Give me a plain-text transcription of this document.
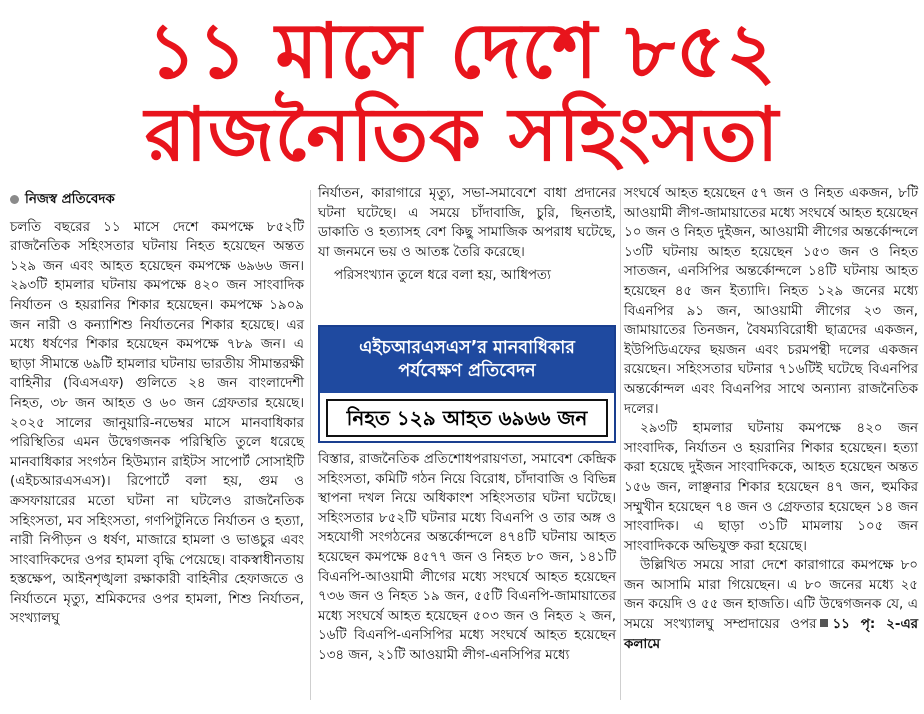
১১ মাসে দেশে ৮৫২
রাজনৈতিক সহিংসতা
নিজস্ব প্রতিবেদক

চলতি বছরের ১১ মাসে দেশে কমপক্ষে ৮৫২টি রাজনৈতিক সহিংসতার ঘটনায় নিহত হয়েছেন অন্তত ১২৯ জন এবং আহত হয়েছেন কমপক্ষে ৬৯৬৬ জন। ২৯৩টি হামলার ঘটনায় কমপক্ষে ৪২০ জন সাংবাদিক নির্যাতন ও হয়রানির শিকার হয়েছেন। কমপক্ষে ১৯০৯ জন নারী ও কন্যাশিশু নির্যাতনের শিকার হয়েছে। এর মধ্যে ধর্ষণের শিকার হয়েছেন কমপক্ষে ৭৮৯ জন। এ ছাড়া সীমান্তে ৬৯টি হামলার ঘটনায় ভারতীয় সীমান্তরক্ষী বাহিনীর (বিএসএফ) গুলিতে ২৪ জন বাংলাদেশী নিহত, ৩৮ জন আহত ও ৬০ জন গ্রেফতার হয়েছে। ২০২৫ সালের জানুয়ারি-নভেম্বর মাসে মানবাধিকার পরিস্থিতির এমন উদ্বেগজনক পরিস্থিতি তুলে ধরেছে মানবাধিকার সংগঠন হিউম্যান রাইটস সাপোর্ট সোসাইটি (এইচআরএসএস)। রিপোর্টে বলা হয়, গুম ও ক্রসফায়ারের মতো ঘটনা না ঘটলেও রাজনৈতিক সহিংসতা, মব সহিংসতা, গণপিটুনিতে নির্যাতন ও হত্যা, নারী নিপীড়ন ও ধর্ষণ, মাজারে হামলা ও ভাঙচুর এবং সাংবাদিকদের ওপর হামলা বৃদ্ধি পেয়েছে। বাকস্বাধীনতায় হস্তক্ষেপ, আইনশৃঙ্খলা রক্ষাকারী বাহিনীর হেফাজতে ও নির্যাতনে মৃত্যু, শ্রমিকদের ওপর হামলা, শিশু নির্যাতন, সংখ্যালঘু

নির্যাতন, কারাগারে মৃত্যু, সভা-সমাবেশে বাধা প্রদানের ঘটনা ঘটেছে। এ সময়ে চাঁদাবাজি, চুরি, ছিনতাই, ডাকাতি ও হত্যাসহ বেশ কিছু সামাজিক অপরাধ ঘটেছে, যা জনমনে ভয় ও আতঙ্ক তৈরি করেছে।

পরিসংখ্যান তুলে ধরে বলা হয়, আধিপত্য

এইচআরএসএস’র মানবাধিকার
পর্যবেক্ষণ প্রতিবেদন
নিহত ১২৯ আহত ৬৯৬৬ জন

বিস্তার, রাজনৈতিক প্রতিশোধপরায়ণতা, সমাবেশ কেন্দ্রিক সহিংসতা, কমিটি গঠন নিয়ে বিরোধ, চাঁদাবাজি ও বিভিন্ন স্থাপনা দখল নিয়ে অধিকাংশ সহিংসতার ঘটনা ঘটেছে। সহিংসতার ৮৫২টি ঘটনার মধ্যে বিএনপি ও তার অঙ্গ ও সহযোগী সংগঠনের অন্তর্কোন্দলে ৪৭৪টি ঘটনায় আহত হয়েছেন কমপক্ষে ৪৫৭৭ জন ও নিহত ৮০ জন, ১৪১টি বিএনপি-আওয়ামী লীগের মধ্যে সংঘর্ষে আহত হয়েছেন ৭৩৬ জন ও নিহত ১৯ জন, ৫৫টি বিএনপি-জামায়াতের মধ্যে সংঘর্ষে আহত হয়েছেন ৫০৩ জন ও নিহত ২ জন, ১৬টি বিএনপি-এনসিপির মধ্যে সংঘর্ষে আহত হয়েছেন ১৩৪ জন, ২১টি আওয়ামী লীগ-এনসিপির মধ্যে

সংঘর্ষে আহত হয়েছেন ৫৭ জন ও নিহত একজন, ৮টি আওয়ামী লীগ-জামায়াতের মধ্যে সংঘর্ষে আহত হয়েছেন ১০ জন ও নিহত দুইজন, আওয়ামী লীগের অন্তর্কোন্দলে ১৩টি ঘটনায় আহত হয়েছেন ১৫৩ জন ও নিহত সাতজন, এনসিপির অন্তর্কোন্দলে ১৪টি ঘটনায় আহত হয়েছেন ৪৫ জন ইত্যাদি। নিহত ১২৯ জনের মধ্যে বিএনপির ৯১ জন, আওয়ামী লীগের ২৩ জন, জামায়াতের তিনজন, বৈষম্যবিরোধী ছাত্রদের একজন, ইউপিডিএফের ছয়জন এবং চরমপন্থী দলের একজন রয়েছেন। সহিংসতার ঘটনার ৭১৬টিই ঘটেছে বিএনপির অন্তর্কোন্দল এবং বিএনপির সাথে অন্যান্য রাজনৈতিক দলের।

২৯৩টি হামলার ঘটনায় কমপক্ষে ৪২০ জন সাংবাদিক, নির্যাতন ও হয়রানির শিকার হয়েছেন। হত্যা করা হয়েছে দুইজন সাংবাদিককে, আহত হয়েছেন অন্তত ১৫৬ জন, লাঞ্ছনার শিকার হয়েছেন ৪৭ জন, হুমকির সম্মুখীন হয়েছেন ৭৪ জন ও গ্রেফতার হয়েছেন ১৪ জন সাংবাদিক। এ ছাড়া ৩১টি মামলায় ১০৫ জন সাংবাদিককে অভিযুক্ত করা হয়েছে।

উল্লিখিত সময়ে সারা দেশে কারাগারে কমপক্ষে ৮০ জন আসামি মারা গিয়েছেন। এ ৮০ জনের মধ্যে ২৫ জন কয়েদি ও ৫৫ জন হাজতি। এটি উদ্বেগজনক যে, এ সময়ে সংখ্যালঘু সম্প্রদায়ের ওপর ১১ পৃ: ২-এর কলামে
